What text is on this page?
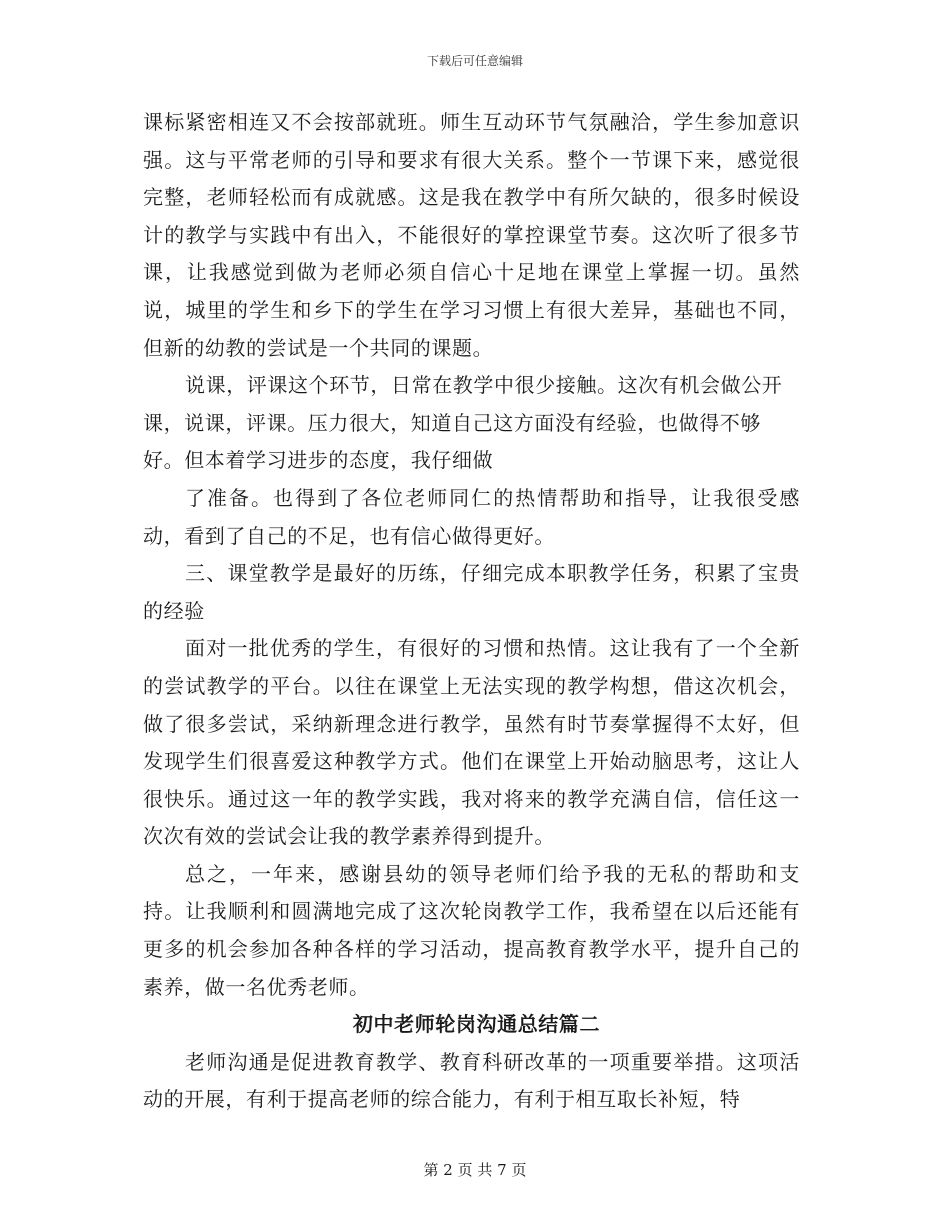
下载后可任意编辑

课标紧密相连又不会按部就班。师生互动环节气氛融洽，学生参加意识强。这与平常老师的引导和要求有很大关系。整个一节课下来，感觉很完整，老师轻松而有成就感。这是我在教学中有所欠缺的，很多时候设计的教学与实践中有出入，不能很好的掌控课堂节奏。这次听了很多节课，让我感觉到做为老师必须自信心十足地在课堂上掌握一切。虽然说，城里的学生和乡下的学生在学习习惯上有很大差异，基础也不同，但新的幼教的尝试是一个共同的课题。

说课，评课这个环节，日常在教学中很少接触。这次有机会做公开课，说课，评课。压力很大，知道自己这方面没有经验，也做得不够好。但本着学习进步的态度，我仔细做

了准备。也得到了各位老师同仁的热情帮助和指导，让我很受感动，看到了自己的不足，也有信心做得更好。

三、课堂教学是最好的历练，仔细完成本职教学任务，积累了宝贵的经验

面对一批优秀的学生，有很好的习惯和热情。这让我有了一个全新的尝试教学的平台。以往在课堂上无法实现的教学构想，借这次机会，做了很多尝试，采纳新理念进行教学，虽然有时节奏掌握得不太好，但发现学生们很喜爱这种教学方式。他们在课堂上开始动脑思考，这让人很快乐。通过这一年的教学实践，我对将来的教学充满自信，信任这一次次有效的尝试会让我的教学素养得到提升。

总之，一年来，感谢县幼的领导老师们给予我的无私的帮助和支持。让我顺利和圆满地完成了这次轮岗教学工作，我希望在以后还能有更多的机会参加各种各样的学习活动，提高教育教学水平，提升自己的素养，做一名优秀老师。

初中老师轮岗沟通总结篇二

老师沟通是促进教育教学、教育科研改革的一项重要举措。这项活动的开展，有利于提高老师的综合能力，有利于相互取长补短，特

第 2 页 共 7 页
